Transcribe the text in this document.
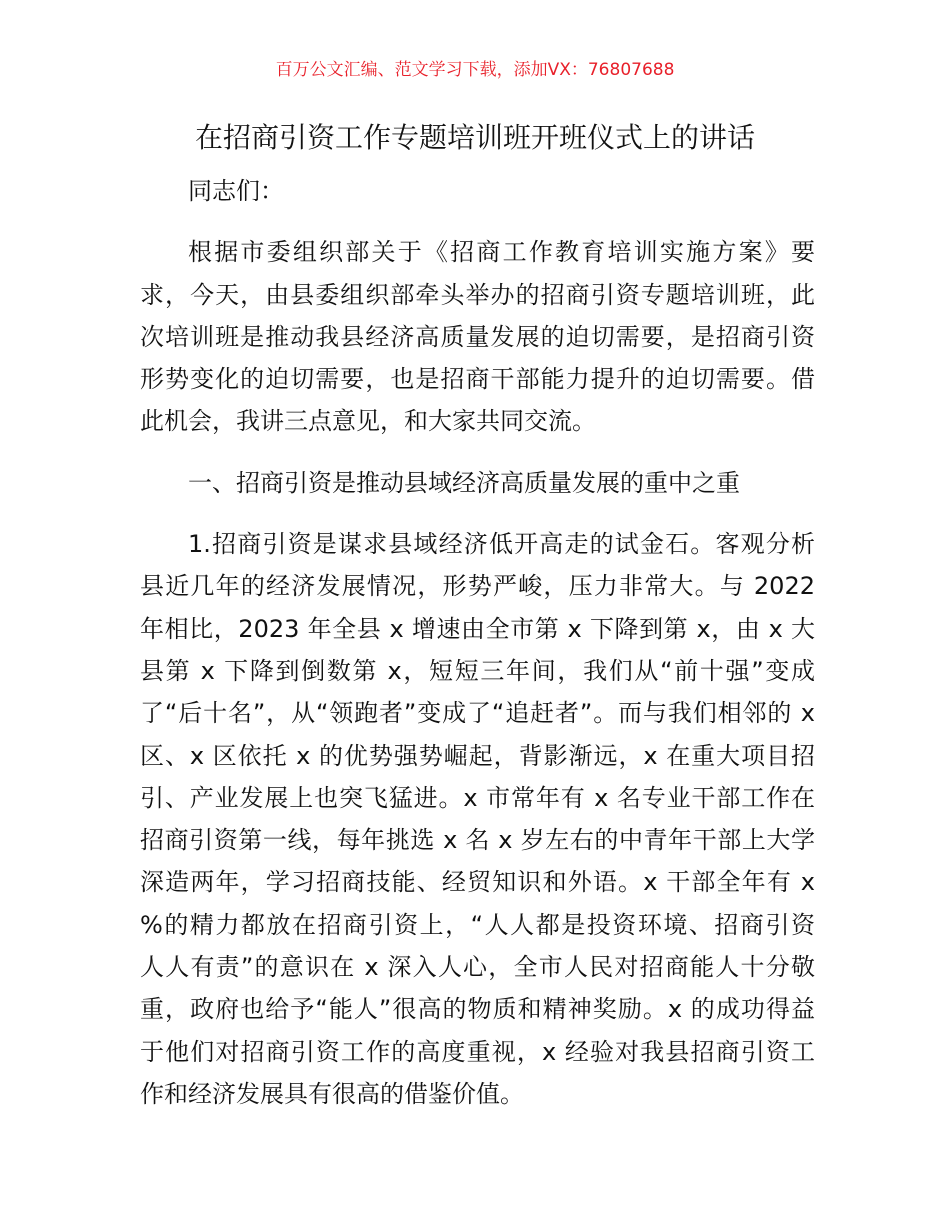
百万公文汇编、范文学习下载，添加VX：76807688
在招商引资工作专题培训班开班仪式上的讲话

同志们：

根据市委组织部关于《招商工作教育培训实施方案》要
求，今天，由县委组织部牵头举办的招商引资专题培训班，此
次培训班是推动我县经济高质量发展的迫切需要，是招商引资
形势变化的迫切需要，也是招商干部能力提升的迫切需要。借
此机会，我讲三点意见，和大家共同交流。

一、招商引资是推动县域经济高质量发展的重中之重

1.招商引资是谋求县域经济低开高走的试金石。客观分析
县近几年的经济发展情况，形势严峻，压力非常大。与 2022
年相比，2023 年全县 x 增速由全市第 x 下降到第 x，由 x 大
县第 x 下降到倒数第 x，短短三年间，我们从“前十强”变成
了“后十名”，从“领跑者”变成了“追赶者”。而与我们相邻的 x
区、x 区依托 x 的优势强势崛起，背影渐远，x 在重大项目招
引、产业发展上也突飞猛进。x 市常年有 x 名专业干部工作在
招商引资第一线，每年挑选 x 名 x 岁左右的中青年干部上大学
深造两年，学习招商技能、经贸知识和外语。x 干部全年有 x
%的精力都放在招商引资上，“人人都是投资环境、招商引资
人人有责”的意识在 x 深入人心，全市人民对招商能人十分敬
重，政府也给予“能人”很高的物质和精神奖励。x 的成功得益
于他们对招商引资工作的高度重视，x 经验对我县招商引资工
作和经济发展具有很高的借鉴价值。
